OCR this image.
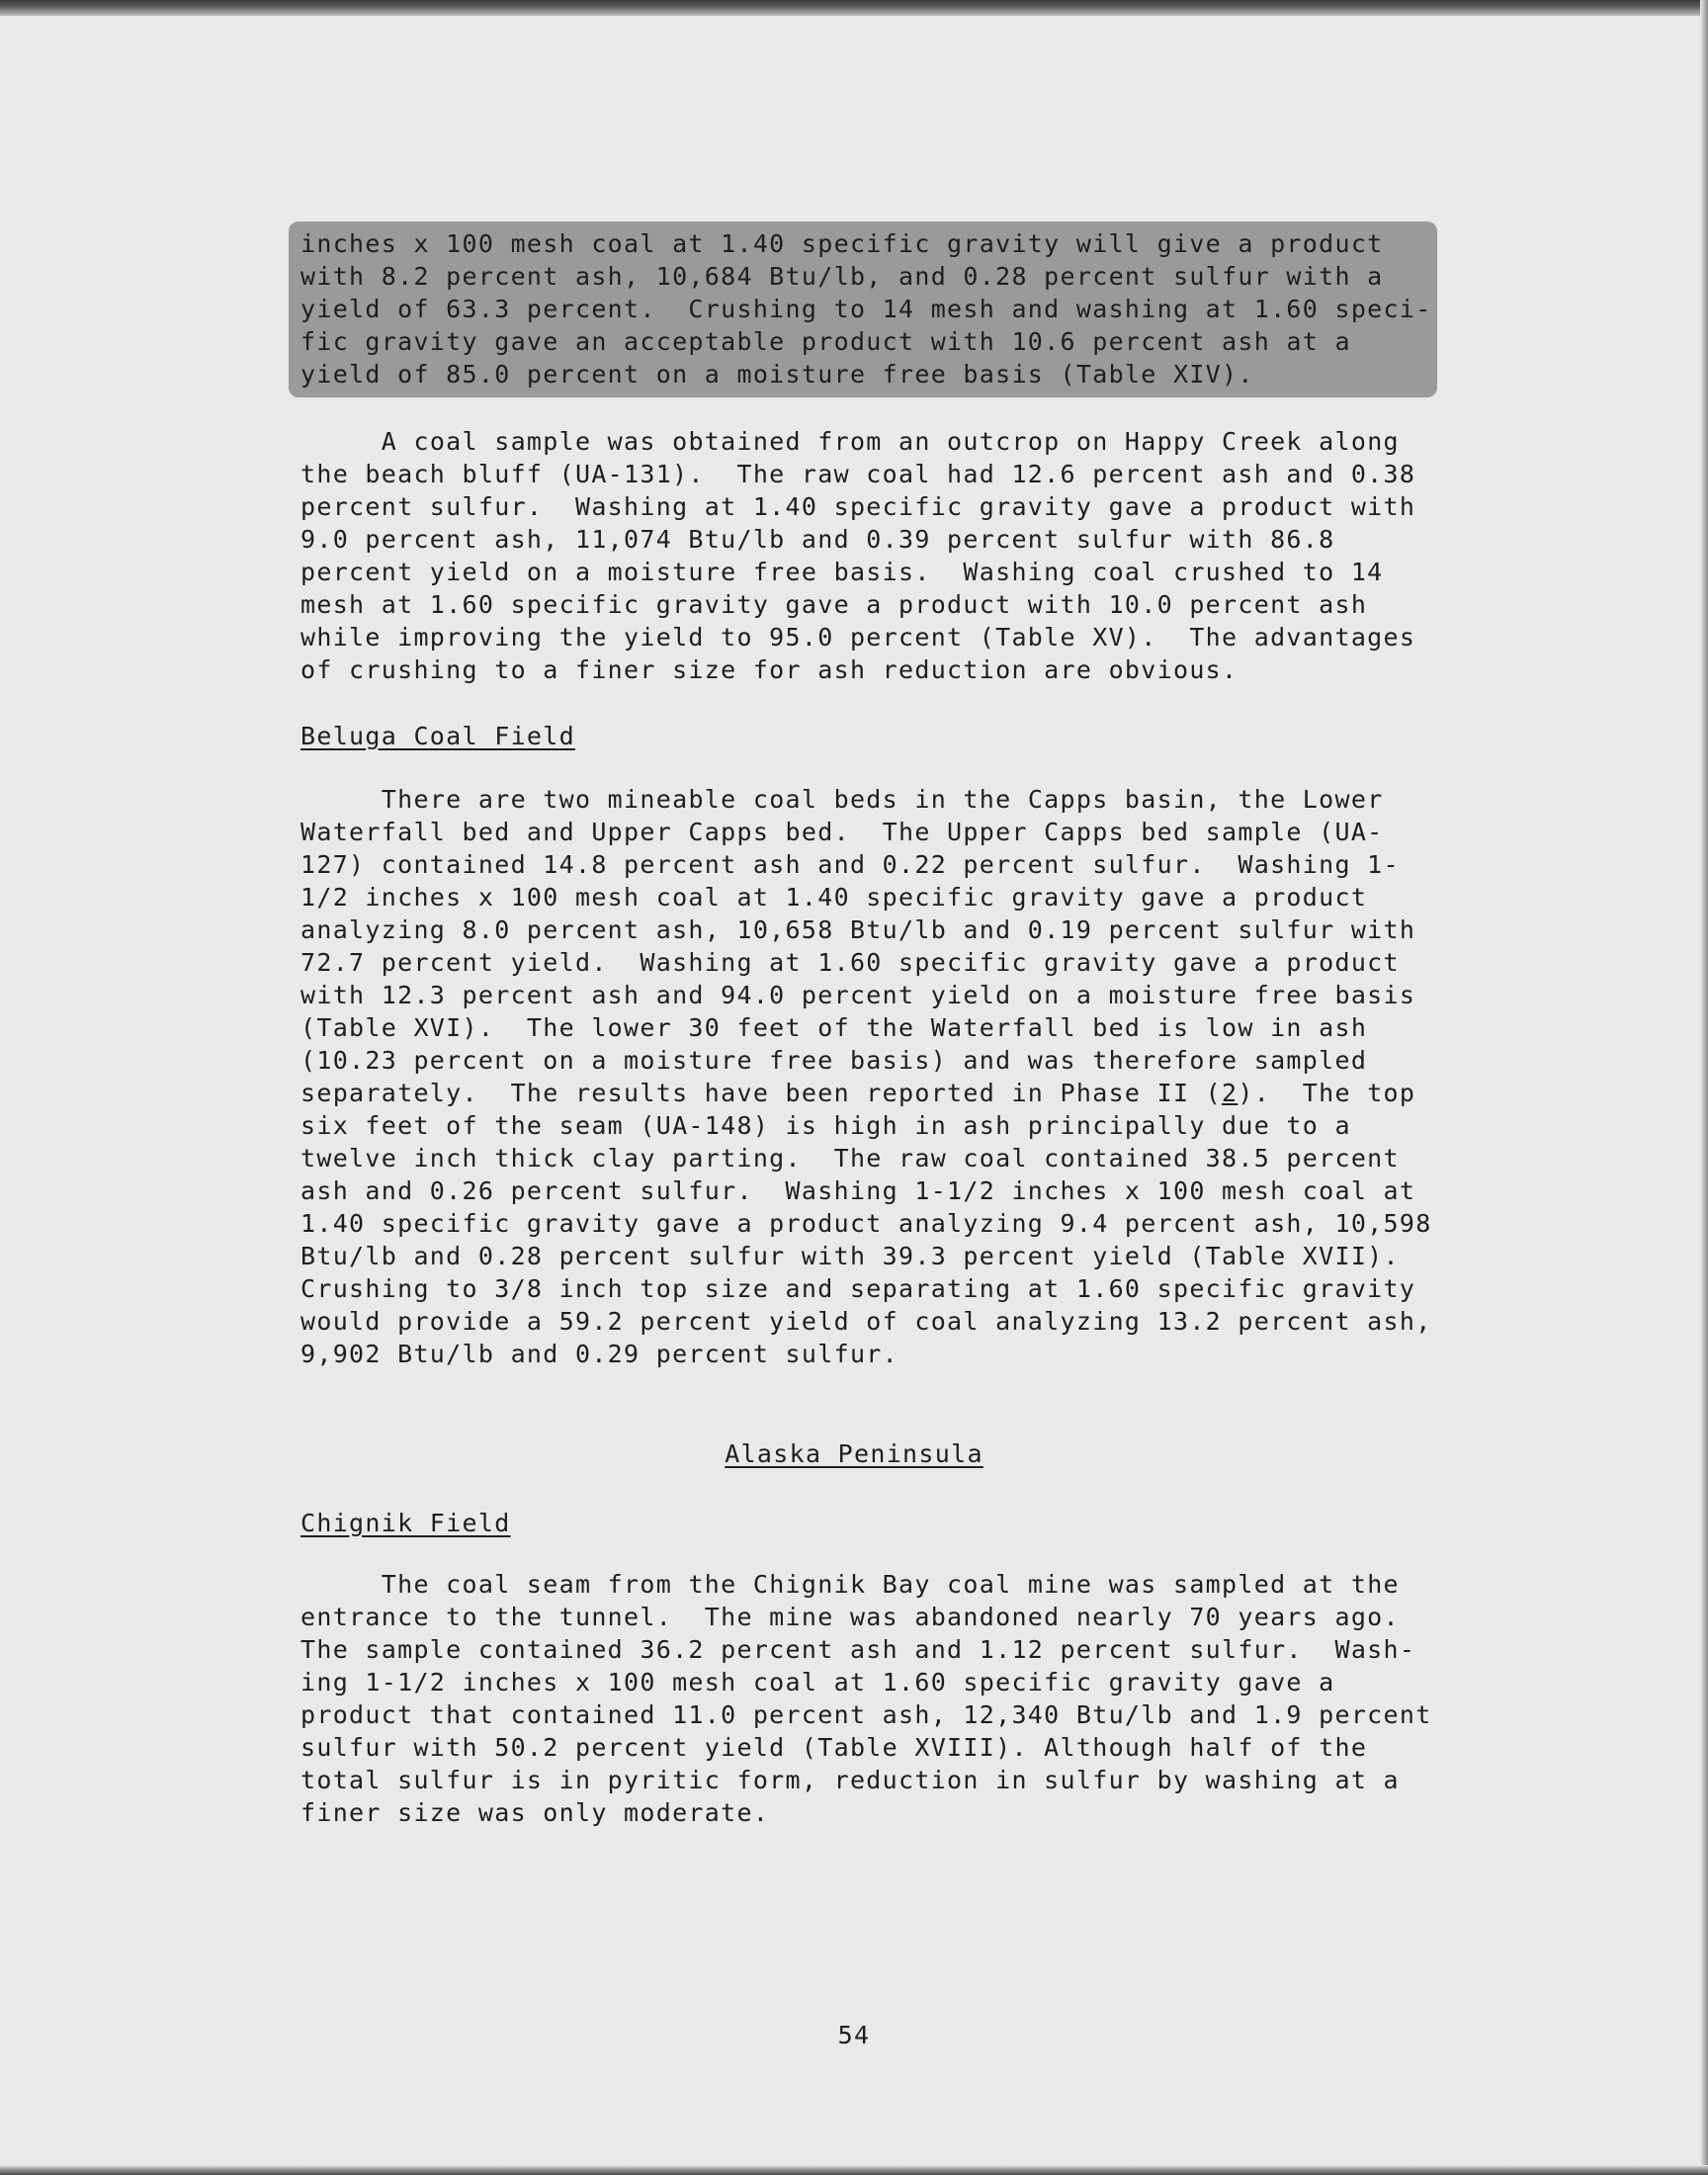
inches x 100 mesh coal at 1.40 specific gravity will give a product
with 8.2 percent ash, 10,684 Btu/lb, and 0.28 percent sulfur with a
yield of 63.3 percent.  Crushing to 14 mesh and washing at 1.60 speci-
fic gravity gave an acceptable product with 10.6 percent ash at a
yield of 85.0 percent on a moisture free basis (Table XIV).

A coal sample was obtained from an outcrop on Happy Creek along
the beach bluff (UA-131).  The raw coal had 12.6 percent ash and 0.38
percent sulfur.  Washing at 1.40 specific gravity gave a product with
9.0 percent ash, 11,074 Btu/lb and 0.39 percent sulfur with 86.8
percent yield on a moisture free basis.  Washing coal crushed to 14
mesh at 1.60 specific gravity gave a product with 10.0 percent ash
while improving the yield to 95.0 percent (Table XV).  The advantages
of crushing to a finer size for ash reduction are obvious.

Beluga Coal Field

There are two mineable coal beds in the Capps basin, the Lower
Waterfall bed and Upper Capps bed.  The Upper Capps bed sample (UA-
127) contained 14.8 percent ash and 0.22 percent sulfur.  Washing 1-
1/2 inches x 100 mesh coal at 1.40 specific gravity gave a product
analyzing 8.0 percent ash, 10,658 Btu/lb and 0.19 percent sulfur with
72.7 percent yield.  Washing at 1.60 specific gravity gave a product
with 12.3 percent ash and 94.0 percent yield on a moisture free basis
(Table XVI).  The lower 30 feet of the Waterfall bed is low in ash
(10.23 percent on a moisture free basis) and was therefore sampled
separately.  The results have been reported in Phase II (2).  The top
six feet of the seam (UA-148) is high in ash principally due to a
twelve inch thick clay parting.  The raw coal contained 38.5 percent
ash and 0.26 percent sulfur.  Washing 1-1/2 inches x 100 mesh coal at
1.40 specific gravity gave a product analyzing 9.4 percent ash, 10,598
Btu/lb and 0.28 percent sulfur with 39.3 percent yield (Table XVII).
Crushing to 3/8 inch top size and separating at 1.60 specific gravity
would provide a 59.2 percent yield of coal analyzing 13.2 percent ash,
9,902 Btu/lb and 0.29 percent sulfur.

Alaska Peninsula
Chignik Field

The coal seam from the Chignik Bay coal mine was sampled at the
entrance to the tunnel.  The mine was abandoned nearly 70 years ago.
The sample contained 36.2 percent ash and 1.12 percent sulfur.  Wash-
ing 1-1/2 inches x 100 mesh coal at 1.60 specific gravity gave a
product that contained 11.0 percent ash, 12,340 Btu/lb and 1.9 percent
sulfur with 50.2 percent yield (Table XVIII). Although half of the
total sulfur is in pyritic form, reduction in sulfur by washing at a
finer size was only moderate.

54
